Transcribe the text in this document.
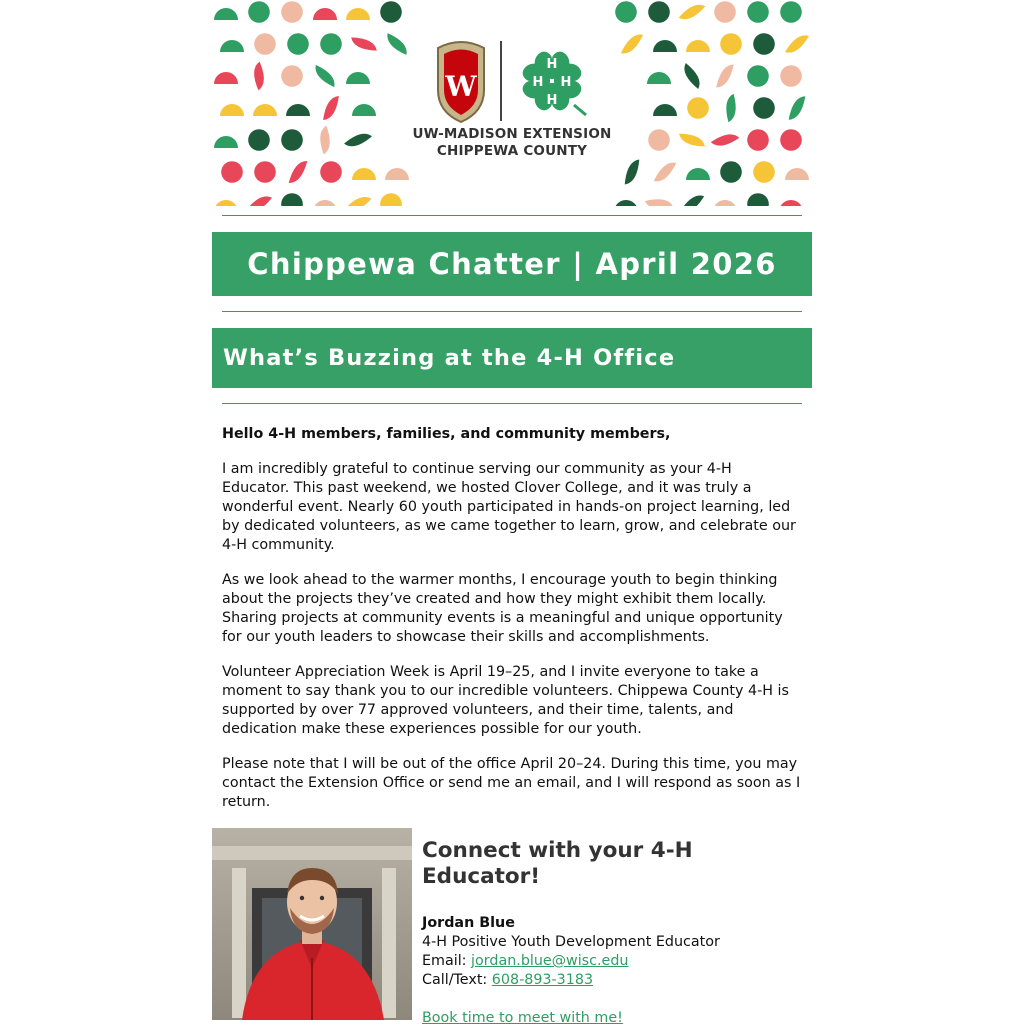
W
H
H H
H
UW-MADISON EXTENSION
CHIPPEWA COUNTY
Chippewa Chatter | April 2026
What’s Buzzing at the 4-H Office

Hello 4-H members, families, and community members,

I am incredibly grateful to continue serving our community as your 4-H Educator. This past weekend, we hosted Clover College, and it was truly a wonderful event. Nearly 60 youth participated in hands-on project learning, led by dedicated volunteers, as we came together to learn, grow, and celebrate our 4-H community.

As we look ahead to the warmer months, I encourage youth to begin thinking about the projects they’ve created and how they might exhibit them locally. Sharing projects at community events is a meaningful and unique opportunity for our youth leaders to showcase their skills and accomplishments.

Volunteer Appreciation Week is April 19–25, and I invite everyone to take a moment to say thank you to our incredible volunteers. Chippewa County 4-H is supported by over 77 approved volunteers, and their time, talents, and dedication make these experiences possible for our youth.

Please note that I will be out of the office April 20–24. During this time, you may contact the Extension Office or send me an email, and I will respond as soon as I return.

Connect with your 4-H Educator!
Jordan Blue
4-H Positive Youth Development Educator
Email: jordan.blue@wisc.edu
Call/Text: 608-893-3183
Book time to meet with me!
